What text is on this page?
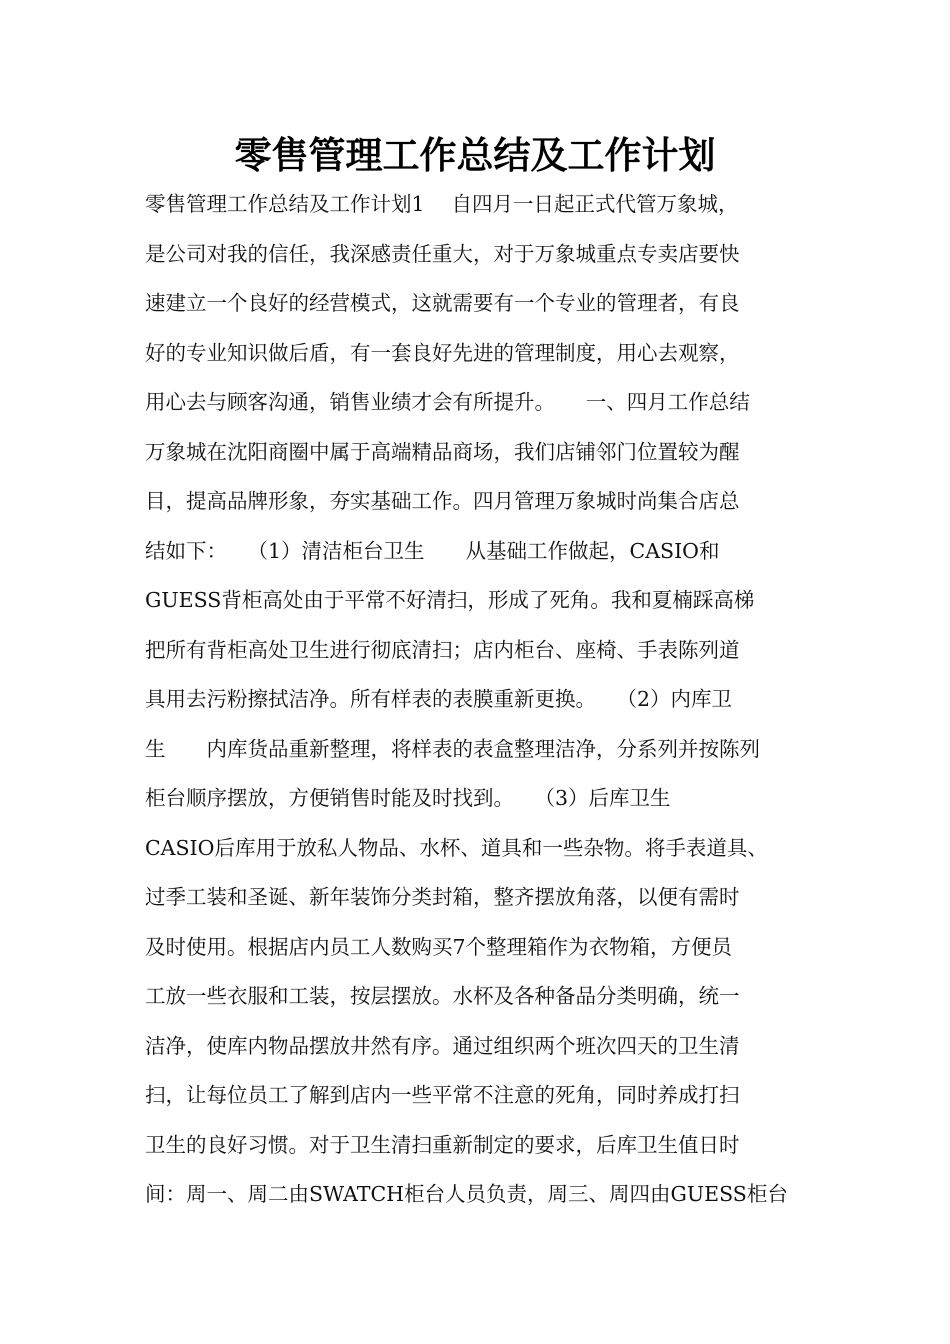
零售管理工作总结及工作计划
零售管理工作总结及工作计划1　 自四月一日起正式代管万象城，
是公司对我的信任，我深感责任重大，对于万象城重点专卖店要快
速建立一个良好的经营模式，这就需要有一个专业的管理者，有良
好的专业知识做后盾，有一套良好先进的管理制度，用心去观察，
用心去与顾客沟通，销售业绩才会有所提升。　　一、四月工作总结
万象城在沈阳商圈中属于高端精品商场，我们店铺邻门位置较为醒
目，提高品牌形象，夯实基础工作。四月管理万象城时尚集合店总
结如下：　　（1）清洁柜台卫生　　从基础工作做起，CASIO和
GUESS背柜高处由于平常不好清扫，形成了死角。我和夏楠踩高梯
把所有背柜高处卫生进行彻底清扫；店内柜台、座椅、手表陈列道
具用去污粉擦拭洁净。所有样表的表膜重新更换。　　（2）内库卫
生　　内库货品重新整理，将样表的表盒整理洁净，分系列并按陈列
柜台顺序摆放，方便销售时能及时找到。　　（3）后库卫生
CASIO后库用于放私人物品、水杯、道具和一些杂物。将手表道具、
过季工装和圣诞、新年装饰分类封箱，整齐摆放角落，以便有需时
及时使用。根据店内员工人数购买7个整理箱作为衣物箱，方便员
工放一些衣服和工装，按层摆放。水杯及各种备品分类明确，统一
洁净，使库内物品摆放井然有序。通过组织两个班次四天的卫生清
扫，让每位员工了解到店内一些平常不注意的死角，同时养成打扫
卫生的良好习惯。对于卫生清扫重新制定的要求，后库卫生值日时
间：周一、周二由SWATCH柜台人员负责，周三、周四由GUESS柜台
